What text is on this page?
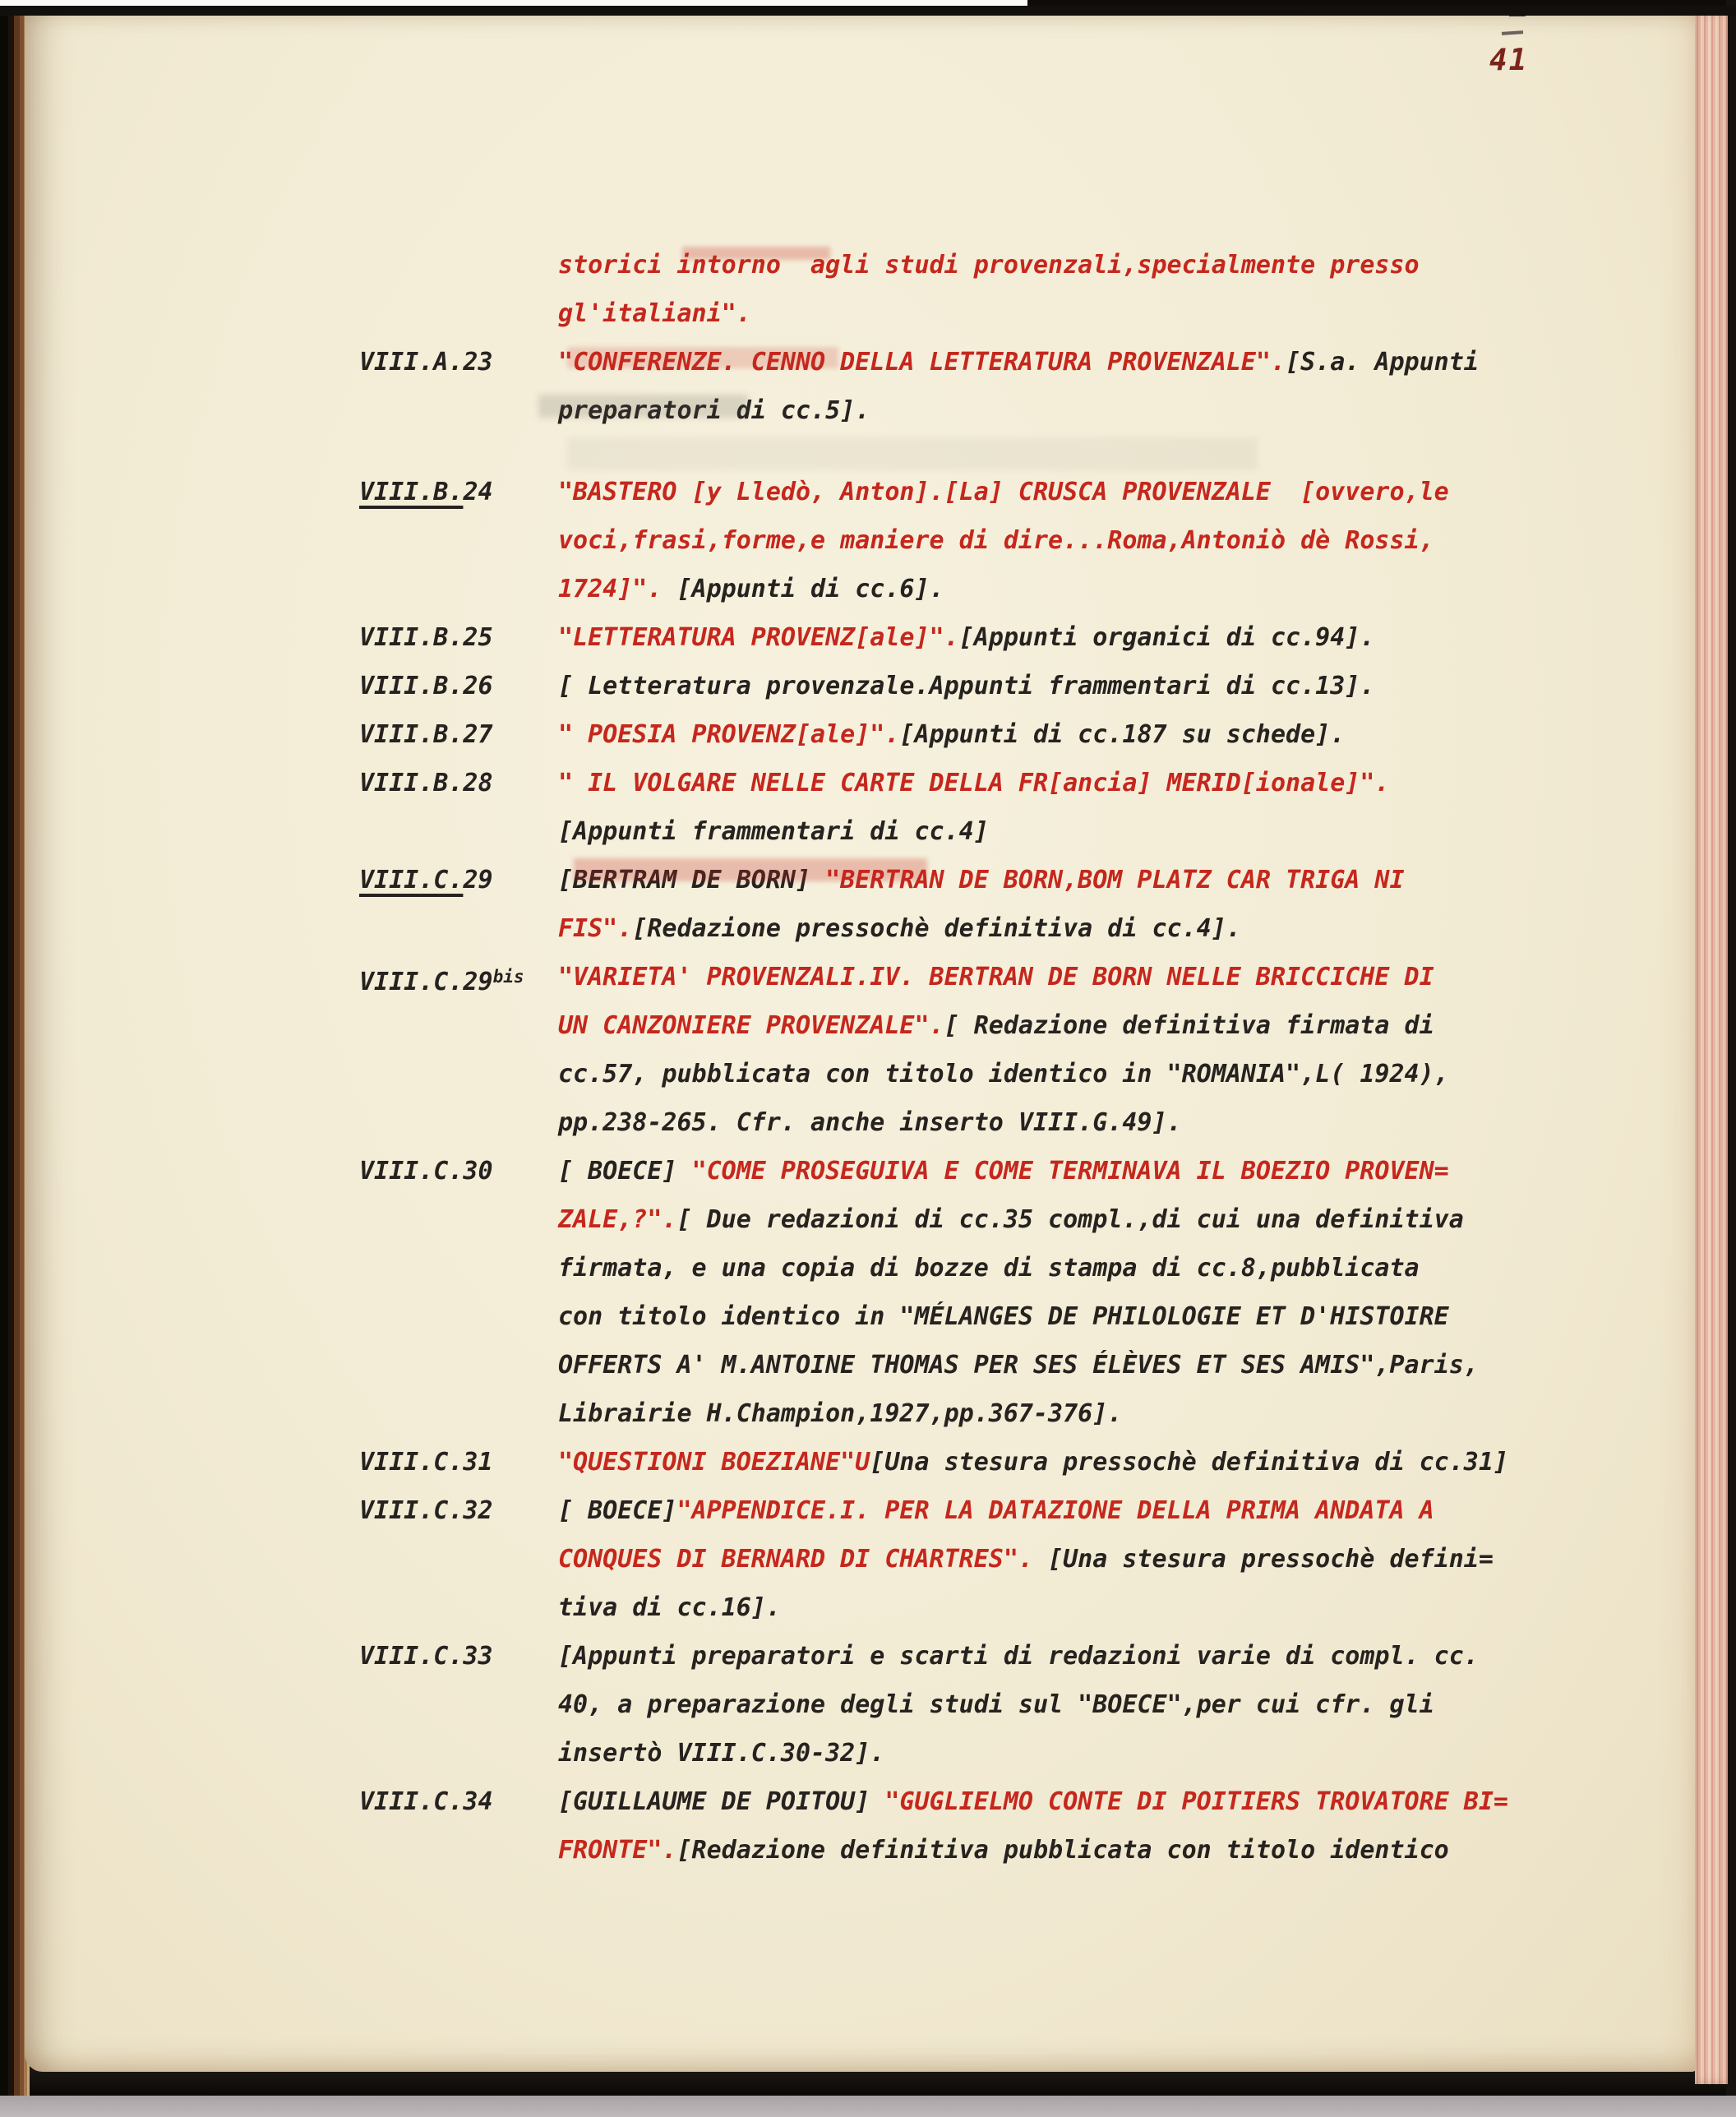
41
storici intorno  agli studi provenzali,specialmente presso
gl'italiani".
VIII.A.23	"CONFERENZE. CENNO DELLA LETTERATURA PROVENZALE".[S.a. Appunti
preparatori di cc.5].
VIII.B.24	"BASTERO [y Lledò, Anton].[La] CRUSCA PROVENZALE  [ovvero,le
voci,frasi,forme,e maniere di dire...Roma,Antoniò dè Rossi,
1724]". [Appunti di cc.6].
VIII.B.25	"LETTERATURA PROVENZ[ale]".[Appunti organici di cc.94].
VIII.B.26	[ Letteratura provenzale.Appunti frammentari di cc.13].
VIII.B.27	" POESIA PROVENZ[ale]".[Appunti di cc.187 su schede].
VIII.B.28	" IL VOLGARE NELLE CARTE DELLA FR[ancia] MERID[ionale]".
[Appunti frammentari di cc.4]
VIII.C.29	[BERTRAM DE BORN] "BERTRAN DE BORN,BOM PLATZ CAR TRIGA NI
FIS".[Redazione pressochè definitiva di cc.4].
$VIII.C.29^{bis}$	"VARIETA' PROVENZALI.IV. BERTRAN DE BORN NELLE BRICCICHE DI
UN CANZONIERE PROVENZALE".[ Redazione definitiva firmata di
cc.57, pubblicata con titolo identico in "ROMANIA",L( 1924),
pp.238-265. Cfr. anche inserto VIII.G.49].
VIII.C.30	[ BOECE] "COME PROSEGUIVA E COME TERMINAVA IL BOEZIO PROVEN=
ZALE,?".[ Due redazioni di cc.35 compl.,di cui una definitiva
firmata, e una copia di bozze di stampa di cc.8,pubblicata
con titolo identico in "MÉLANGES DE PHILOLOGIE ET D'HISTOIRE
OFFERTS A' M.ANTOINE THOMAS PER SES ÉLÈVES ET SES AMIS",Paris,
Librairie H.Champion,1927,pp.367-376].
VIII.C.31	"QUESTIONI BOEZIANE"U[Una stesura pressochè definitiva di cc.31]
VIII.C.32	[ BOECE]"APPENDICE.I. PER LA DATAZIONE DELLA PRIMA ANDATA A
CONQUES DI BERNARD DI CHARTRES". [Una stesura pressochè defini=
tiva di cc.16].
VIII.C.33	[Appunti preparatori e scarti di redazioni varie di compl. cc.
40, a preparazione degli studi sul "BOECE",per cui cfr. gli
insertò VIII.C.30-32].
VIII.C.34	[GUILLAUME DE POITOU] "GUGLIELMO CONTE DI POITIERS TROVATORE BI=
FRONTE".[Redazione definitiva pubblicata con titolo identico
